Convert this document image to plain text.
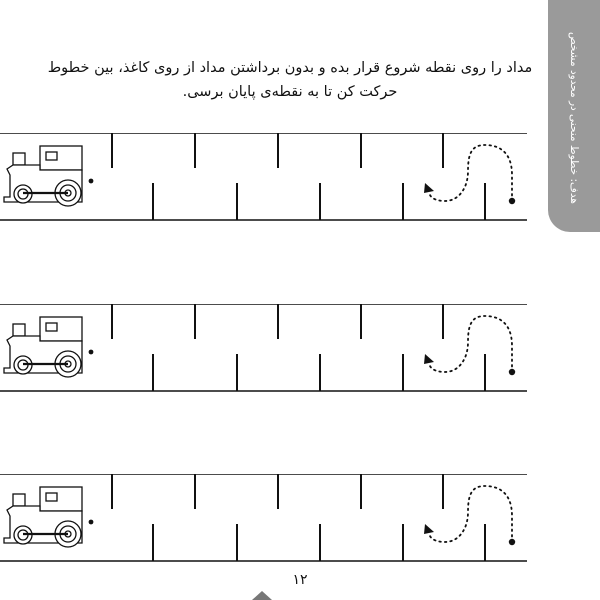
مداد را روی نقطه شروع قرار بده و بدون برداشتن مداد از روی کاغذ، بین خطوط

حرکت کن تا به نقطه‌ی پایان برسی.	هدف: خطوط منحنی در محدود مشخص
۱۲
